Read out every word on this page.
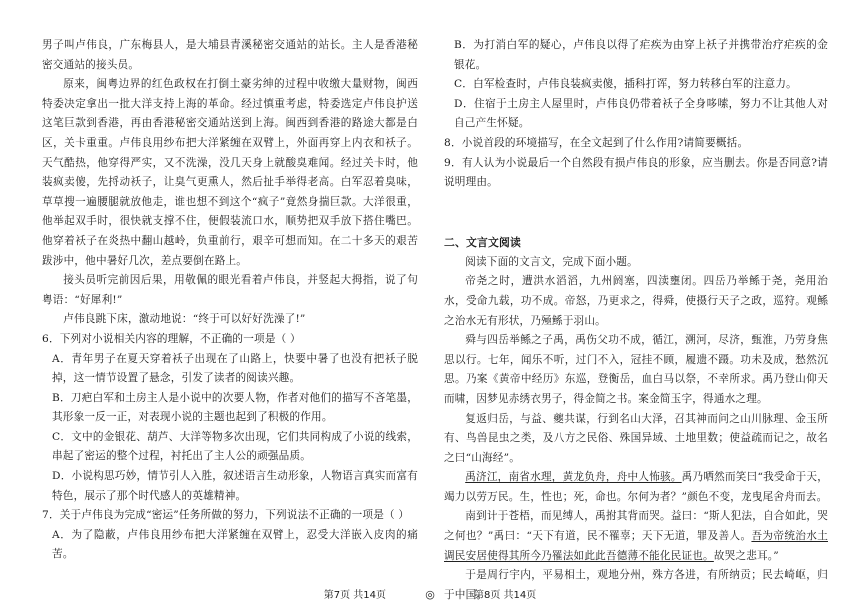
男子叫卢伟良，广东梅县人，是大埔县青溪秘密交通站的站长。主人是香港秘密交通站的接头员。

原来，闽粤边界的红色政权在打倒土豪劣绅的过程中收缴大量财物，闽西特委决定拿出一批大洋支持上海的革命。经过慎重考虑，特委选定卢伟良护送这笔巨款到香港，再由香港秘密交通站送到上海。闽西到香港的路途大都是白区，关卡重重。卢伟良用纱布把大洋紧缠在双臂上，外面再穿上内衣和袄子。天气酷热，他穿得严实，又不洗澡，没几天身上就酸臭难闻。经过关卡时，他装疯卖傻，先捋动袄子，让臭气更熏人，然后扯手举得老高。白军忍着臭味，草草搜一遍腰腿就放他走，谁也想不到这个“疯子”竟然身揣巨款。大洋很重，他举起双手时，很快就支撑不住，便假装流口水，顺势把双手放下搭住嘴巴。他穿着袄子在炎热中翻山越岭，负重前行，艰辛可想而知。在二十多天的艰苦跋涉中，他中暑好几次，差点要倒在路上。

接头员听完前因后果，用敬佩的眼光看着卢伟良，并竖起大拇指，说了句粤语：“好犀利!”

卢伟良跳下床，激动地说：“终于可以好好洗澡了!”

6．下列对小说相关内容的理解，不正确的一项是（ ）

A．青年男子在夏天穿着袄子出现在了山路上，快要中暑了也没有把袄子脱掉，这一情节设置了悬念，引发了读者的阅读兴趣。

B．刀疤白军和土房主人是小说中的次要人物，作者对他们的描写不吝笔墨，其形象一反一正，对表现小说的主题也起到了积极的作用。

C．文中的金银花、葫芦、大洋等物多次出现，它们共同构成了小说的线索，串起了密运的整个过程，衬托出了主人公的顽强品质。

D．小说构思巧妙，情节引人入胜，叙述语言生动形象，人物语言真实而富有特色，展示了那个时代感人的英雄精神。

7．关于卢伟良为完成“密运”任务所做的努力，下列说法不正确的一项是（ ）

A．为了隐蔽，卢伟良用纱布把大洋紧缠在双臂上，忍受大洋嵌入皮肉的痛苦。

B．为打消白军的疑心，卢伟良以得了疟疾为由穿上袄子并携带治疗疟疾的金银花。

C．白军检查时，卢伟良装疯卖傻，插科打诨，努力转移白军的注意力。

D．住宿于土房主人屋里时，卢伟良仍带着袄子全身哆嗦，努力不让其他人对自己产生怀疑。

8．小说首段的环境描写，在全文起到了什么作用?请简要概括。

9．有人认为小说最后一个自然段有损卢伟良的形象，应当删去。你是否同意?请说明理由。

二、文言文阅读

阅读下面的文言文，完成下面小题。

帝尧之时，遭洪水滔滔，九州阏塞，四渎壅闭。四岳乃举鲧于尧，尧用治水，受命九载，功不成。帝怒，乃更求之，得舜，使摄行天子之政，巡狩。观鲧之治水无有形状，乃殛鲧于羽山。

舜与四岳举鲧之子禹，禹伤父功不成，循江，溯河，尽济，甄淮，乃劳身焦思以行。七年，闻乐不听，过门不入，冠挂不顾，履遗不蹑。功未及成，愁然沉思。乃案《黄帝中经历》东巡，登衡岳，血白马以祭，不幸所求。禹乃登山仰天而啸，因梦见赤绣衣男子，得金简之书。案金简玉字，得通水之理。

复返归岳，与益、夔共谋，行到名山大泽，召其神而问之山川脉理、金玉所有、鸟兽昆虫之类，及八方之民俗、殊国异域、土地里数；使益疏而记之，故名之曰“山海经”。

禹济江，南省水理，黄龙负舟，舟中人怖骇。禹乃哂然而笑曰“我受命于天，竭力以劳万民。生，性也；死，命也。尔何为者？”颜色不变，龙曳尾舍舟而去。

南到计于苍梧，而见缚人，禹拊其背而哭。益曰：“斯人犯法，自合如此，哭之何也？”禹曰：“天下有道，民不罹辜；天下无道，罪及善人。吾为帝统治水土调民安居使得其所今乃罹法如此此吾德薄不能化民证也。故哭之悲耳。”

于是周行宇内，平易相土，观地分州，殊方各进，有所纳贡；民去崎岖，归于中国。

第7页 共14页	◎	第8页 共14页
